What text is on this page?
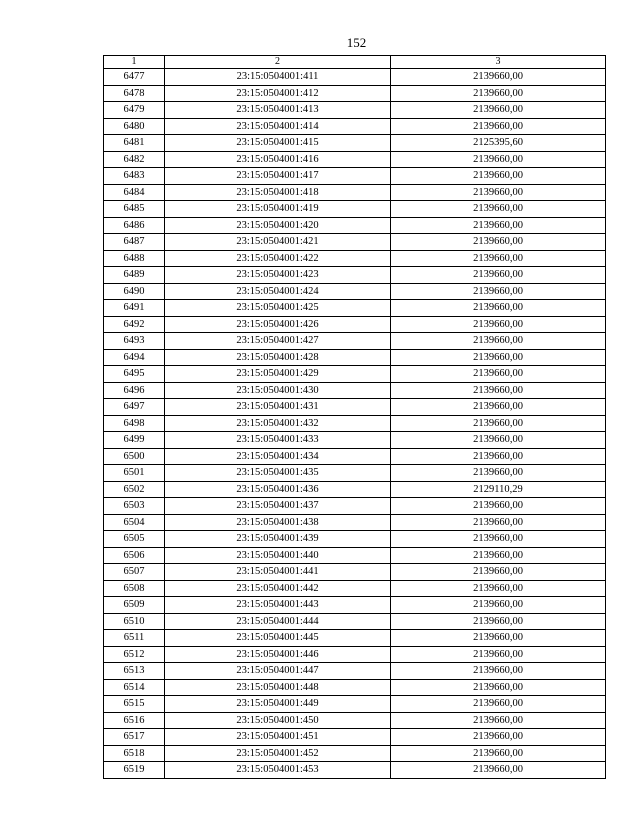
152
1	2	3
6477	23:15:0504001:411	2139660,00
6478	23:15:0504001:412	2139660,00
6479	23:15:0504001:413	2139660,00
6480	23:15:0504001:414	2139660,00
6481	23:15:0504001:415	2125395,60
6482	23:15:0504001:416	2139660,00
6483	23:15:0504001:417	2139660,00
6484	23:15:0504001:418	2139660,00
6485	23:15:0504001:419	2139660,00
6486	23:15:0504001:420	2139660,00
6487	23:15:0504001:421	2139660,00
6488	23:15:0504001:422	2139660,00
6489	23:15:0504001:423	2139660,00
6490	23:15:0504001:424	2139660,00
6491	23:15:0504001:425	2139660,00
6492	23:15:0504001:426	2139660,00
6493	23:15:0504001:427	2139660,00
6494	23:15:0504001:428	2139660,00
6495	23:15:0504001:429	2139660,00
6496	23:15:0504001:430	2139660,00
6497	23:15:0504001:431	2139660,00
6498	23:15:0504001:432	2139660,00
6499	23:15:0504001:433	2139660,00
6500	23:15:0504001:434	2139660,00
6501	23:15:0504001:435	2139660,00
6502	23:15:0504001:436	2129110,29
6503	23:15:0504001:437	2139660,00
6504	23:15:0504001:438	2139660,00
6505	23:15:0504001:439	2139660,00
6506	23:15:0504001:440	2139660,00
6507	23:15:0504001:441	2139660,00
6508	23:15:0504001:442	2139660,00
6509	23:15:0504001:443	2139660,00
6510	23:15:0504001:444	2139660,00
6511	23:15:0504001:445	2139660,00
6512	23:15:0504001:446	2139660,00
6513	23:15:0504001:447	2139660,00
6514	23:15:0504001:448	2139660,00
6515	23:15:0504001:449	2139660,00
6516	23:15:0504001:450	2139660,00
6517	23:15:0504001:451	2139660,00
6518	23:15:0504001:452	2139660,00
6519	23:15:0504001:453	2139660,00
